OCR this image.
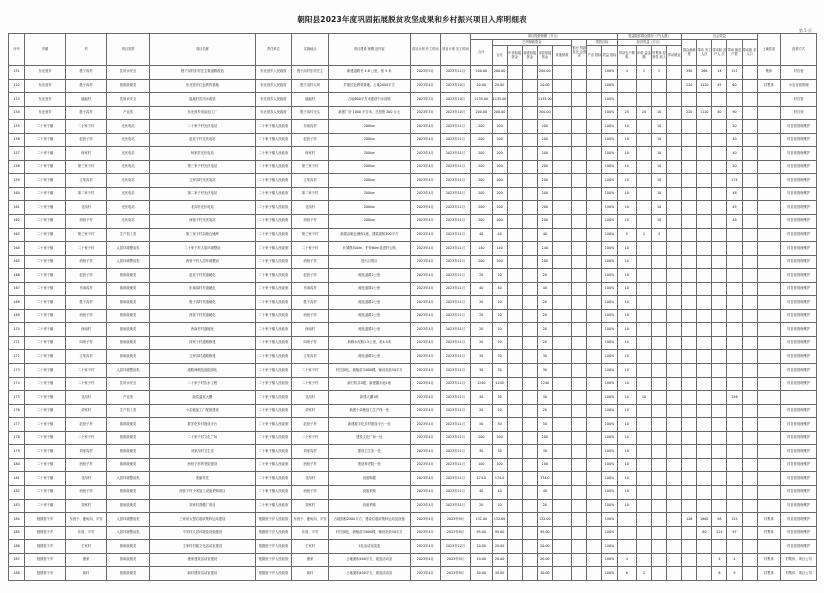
朝阳县2023年度巩固拓展脱贫攻坚成果和乡村振兴项目入库明细表
第 5 页
序号	乡镇	村	项目类型	项目名称	责任单位	实施地点	项目建设 规模 及内容	项目计划 开工时间	项目计划 完工时间	项目投资规模（万元）									受益脱贫群众情况（户/人数）				社会效益					土地性质	经营方式
										合计	已列财政资金					银行 贷款 及社 会资 金	绩效目标		经济效益（万元）				群众满意度	带动 务工 人次	带动脱 贫户人 次	带动 脱贫 户数	带动脱 贫人口		
											合计	中央衔接 资金	省级衔接资金	市县衔接资金	其他财政		产出 指标	效益 指标	带动农户增收	年收 益金 额	村集体 经营性 收入	带动就业							

151	东北营乡	胜子沟村	饮用水安全	胜子沟村东村庄主要道路改造	东北营乡人民政府	胜子沟村东村庄主	新建道路长 4.8 公里，宽 5 米	2023年3月	2023年11月	200.00	200.00			200.00				100%	4	2	2		190	266	14	111		集体	村自营
152	东北营乡	胜子沟村	基础设施类	东北营乡红色教育基地	东北营乡人民政府	胜子沟村大坝	扩建红色教育基地，占地2000平方	2023年4月	2023年10月	20.00	20.00			20.00				100%					220	1120	45	60		村集体	小农自营管理
153	东北营乡	福地村	饮用水安全	福地村饮用水改造	东北营乡人民政府	福地村	占地800平方米建设引水设施	2023年3月	2023年10月	1135.00	1135.00			1135.00				100%											村自管
154	东北营乡	胜子沟村	产业类	东北营乡食品加工厂	东北营乡人民政府	胜子沟村北头	新建厂房 1000 平方米，总投资 200 万元	2023年3月	2023年10月	200.00	200.00			200.00				100%	25	20	10		220	1120	40	90			村自营
155	二十家子镇	二十家子村	光伏电站	二十家子村光伏电站	二十家子镇人民政府	东南沟村	200kw	2023年4月	2023年11月	200	200			200				100%	10		10					50			村自营管理维护
156	二十家子镇	赵营子村	光伏电站	赵营子村光伏电站	二十家子镇人民政府	赵营子村	200kw	2023年4月	2023年11月	200	200			200				100%	10		10					40			村自营管理维护
157	二十家子镇	杨家村	光伏电站	杨家村光伏电站	二十家子镇人民政府	杨家村	200kw	2023年4月	2023年11月	200	200			200				100%	10		10					40			村自营管理维护
158	二十家子镇	第三家子村	光伏电站	第三家子村光伏电站	二十家子镇人民政府	第三家子村	200kw	2023年4月	2023年11月	200	200			200				100%	10		10					50			村自营管理维护
159	二十家子镇	立家沟村	光伏电站	立家沟村光伏电站	二十家子镇人民政府	立家沟村	200kw	2023年4月	2023年11月	200	200			200				100%	10		10					174			村自营管理维护
160	二十家子镇	第二家子村	光伏电站	第二家子村光伏电站	二十家子镇人民政府	第二家子村	200kw	2023年4月	2023年11月	200	200			200				100%	10		10					48			村自营管理维护
161	二十家子镇	北沟村	光伏电站	北沟村光伏电站	二十家子镇人民政府	北沟村	200kw	2023年4月	2023年11月	200	200			200				100%	10		10					45			村自营管理维护
162	二十家子镇	西营子村	光伏电站	西营子村光伏电站	二十家子镇人民政府	西营子村	200kw	2023年4月	2023年11月	200	200			200				100%	10		10					48			村自营管理维护
163	二十家子镇	第三家子村	生产加工类	第三家子村杂粮仓储库	二十家子镇人民政府	第三家子村	新建杂粮仓储库1座，建筑面积300平方	2023年4月	2023年11月	40	40			40				100%	5	2	3								村自营管理维护
164	二十家子镇	二十家子村	人居环境整治类	二十家子村人居环境整治	二十家子镇人民政府	二十家子村	长城堡300m，护岸60m及进村公路	2023年4月	2023年11月	140	140			140				100%	10										村自营管理维护
165	二十家子镇	西营子村	人居环境整治类	西营子村人居环境整治	二十家子镇人民政府	西营子村	进出口景区	2023年4月	2023年11月	200	200			200				100%	10										村自营管理维护
166	二十家子镇	赵营子村	基础设施类	赵营子村村道硬化	二十家子镇人民政府	赵营子村	硬化道路2公里	2023年4月	2023年11月	20	20			20				100%	10										村自营管理维护
167	二十家子镇	东南沟村	基础设施类	东南沟村村道硬化	二十家子镇人民政府	东南沟村	硬化道路2公里	2023年4月	2023年11月	40	40			40				100%	10										村自营管理维护
168	二十家子镇	胜子沟村	基础设施类	胜子沟村村道硬化	二十家子镇人民政府	胜子沟村	硬化道路2公里	2023年4月	2023年11月	20	20			20				100%	10										村自营管理维护
169	二十家子镇	西营子村	基础设施类	西营子村村道硬化	二十家子镇人民政府	西营子村	硬化道路2公里	2023年4月	2023年11月	20	20			20				100%	10										村自营管理维护
170	二十家子镇	西南村	基础设施类	西南村村道硬化	二十家子镇人民政府	西南村	硬化道路2公里	2023年4月	2023年11月	20	20			20				100%	10										村自营管理维护
171	二十家子镇	四家子村	基础设施类	四家子村道路修建	二十家子镇人民政府	四家子村	新修水泥路1.5公里，宽4.5米	2023年4月	2023年11月	20	20			20				100%	10										村自营管理维护
172	二十家子镇	立家沟村	基础设施类	立家沟村道路修建	二十家子镇人民政府	立家沟村	硬化道路2公里	2023年4月	2023年11月	30	30			30				100%	10										村自营管理维护
173	二十家子镇	二十家子村	人居环境整治类	道路两侧及庭院绿化	二十家子镇人民政府	二十家子村	村庄绿化，栽植苗木600棵，铺设花砖30平方	2023年4月	2023年11月	30	30			30				100%	10										村自营管理维护
174	二十家子镇	二十家子村	饮用水安全	二十家子村饮水工程	二十家子镇人民政府	二十家子村	新打机井2眼，新建蓄水池1座	2023年4月	2023年11月	1240	1240			1240				100%	10										村自营管理维护
175	二十家子镇	北沟村	产业类	蔬菜温室大棚	二十家子镇人民政府	北沟村	新建大棚1栋	2023年4月	2023年11月	30	30			30				100%	10	10						256			
176	二十家子镇	刘家村	生产加工类	小杂粮加工厂配套建设	二十家子镇人民政府	刘家村	新建小杂粮加工生产线一处	2023年4月	2023年11月	20	20			20				100%	10										村自营管理维护
177	二十家子镇	赵营子村	基础设施类	数字化乡村建设平台	二十家子镇人民政府	赵营子村	新建数字化乡村建设平台一处	2023年4月	2023年11月	50	50			50				100%	10										村自营管理维护
178	二十家子镇	二十家子村	基础设施类	二十家子村文化广场	二十家子镇人民政府	二十家子村	建设文化广场一处	2023年4月	2023年11月	200	200			200				100%	10										村自营管理维护
179	二十家子镇	刘家沟村	基础设施类	刘家沟村卫生室	二十家子镇人民政府	刘家沟村	建设卫生室一处	2023年4月	2023年11月	30	30			30				100%	10										村自营管理维护
180	二十家子镇	西营子村	基础设施类	西营子村养老院建设	二十家子镇人民政府	西营子村	建设养老院一处	2023年4月	2023年11月	100	100			100				100%	10										村自营管理维护
181	二十家子镇	北沟村	人居环境整治类	美丽村庄	二十家子镇人民政府	北沟村	设备购置	2023年4月	2023年11月	174.0	174.0			174.0				100%	10										村自营管理维护
182	二十家子镇	西营子村	基础设施类	西营子村小米加工设备采购项目	二十家子镇人民政府	西营子村	设备采购	2023年4月	2023年11月	40	40			40				100%	10										村自营管理维护
183	二十家子镇	刘家村	基础设施类	刘家村香醋厂项目	二十家子镇人民政府	刘家村	设备采购	2023年4月	2023年11月	20	20			20				100%	10										村自营管理维护
184	根德营子乡	东营子、鹿角沟、平安	人居环境整治类	三家用大型垃圾收集转运站建设	根德营子乡人民政府	东营子、鹿角沟、平安	占地面积2000平方，建设垃圾收集转运站及设备	2023年4月	2023年9月	132.00	132.00			132.00				100%					126	1665	58	125		村集体	村自营管理维护
185	根德营子乡	东营、平安	人居环境整治类	平安村人居环境及设施建设	根德营子乡人民政府	东营、平安	村庄绿化，栽植苗木600棵，铺设花砖30平方	2023年4月	2023年9月	95.00	95.00			95.00				100%						80	224	97		村集体	村自营管理维护
186	根德营子乡	王家村	基础设施类	王家村村级文化活动室建设	根德营子乡人民政府	王家村	1处活动室改造	2023年4月	2023年12月	20.00	20.00			20.00				100%											村自营管理维护
187	根德营子乡	康家	基础设施类	康家建设活动室建设	根德营子乡人民政府	康家	占地面积400平方，改造活动室	2023年4月	2023年9月	20.00	20.00			20.00				100%	4						4	4		村集体	村集体、项目公司
188	根德营子乡	新村	基础设施类	新村建设活动室建设	根德营子乡人民政府	新村	占地面积400平方，改造活动室	2023年4月	2023年9月	30.00	30.00			30.00				100%	6	2					6	9		村集体	村集体、项目公司
